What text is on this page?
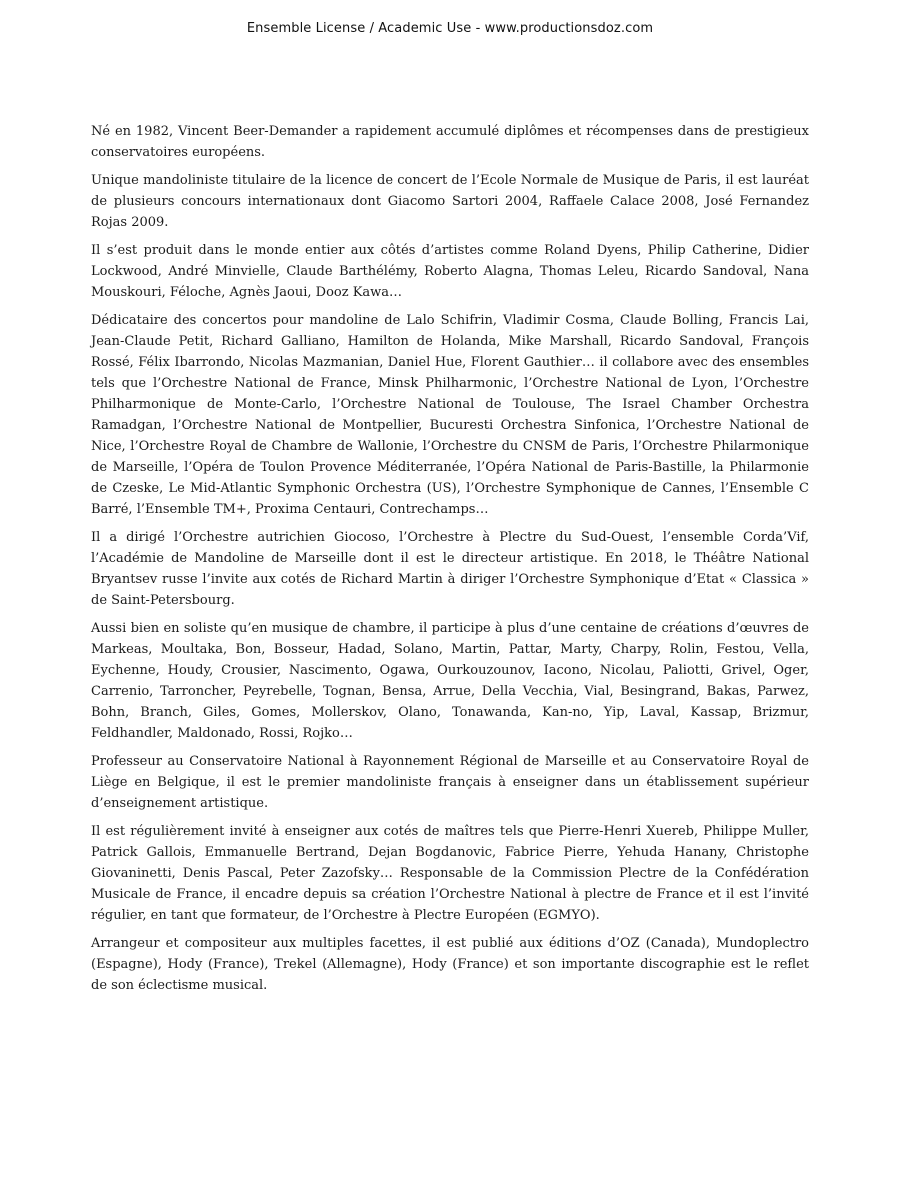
Ensemble License / Academic Use - www.productionsdoz.com

Né en 1982, Vincent Beer-Demander a rapidement accumulé diplômes et récompenses dans de prestigieux conservatoires européens.

Unique mandoliniste titulaire de la licence de concert de l’Ecole Normale de Musique de Paris, il est lauréat de plusieurs concours internationaux dont Giacomo Sartori 2004, Raffaele Calace 2008, José Fernandez Rojas 2009.

Il s’est produit dans le monde entier aux côtés d’artistes comme Roland Dyens, Philip Catherine, Didier Lockwood, André Minvielle, Claude Barthélémy, Roberto Alagna, Thomas Leleu, Ricardo Sandoval, Nana Mouskouri, Féloche, Agnès Jaoui, Dooz Kawa…

Dédicataire des concertos pour mandoline de Lalo Schifrin, Vladimir Cosma, Claude Bolling, Francis Lai, Jean-Claude Petit, Richard Galliano, Hamilton de Holanda, Mike Marshall, Ricardo Sandoval, François Rossé, Félix Ibarrondo, Nicolas Mazmanian, Daniel Hue, Florent Gauthier… il collabore avec des ensembles tels que l’Orchestre National de France, Minsk Philharmonic, l’Orchestre National de Lyon, l’Orchestre Philharmonique de Monte-Carlo, l’Orchestre National de Toulouse, The Israel Chamber Orchestra Ramadgan, l’Orchestre National de Montpellier, Bucuresti Orchestra Sinfonica, l’Orchestre National de Nice, l’Orchestre Royal de Chambre de Wallonie, l’Orchestre du CNSM de Paris, l’Orchestre Philarmonique de Marseille, l’Opéra de Toulon Provence Méditerranée, l’Opéra National de Paris-Bastille, la Philarmonie de Czeske, Le Mid-Atlantic Symphonic Orchestra (US), l’Orchestre Symphonique de Cannes, l’Ensemble C Barré, l’Ensemble TM+, Proxima Centauri, Contrechamps…

Il a dirigé l’Orchestre autrichien Giocoso, l’Orchestre à Plectre du Sud-Ouest, l’ensemble Corda’Vif, l’Académie de Mandoline de Marseille dont il est le directeur artistique. En 2018, le Théâtre National Bryantsev russe l’invite aux cotés de Richard Martin à diriger l’Orchestre Symphonique d’Etat « Classica » de Saint-Petersbourg.

Aussi bien en soliste qu’en musique de chambre, il participe à plus d’une centaine de créations d’œuvres de Markeas, Moultaka, Bon, Bosseur, Hadad, Solano, Martin, Pattar, Marty, Charpy, Rolin, Festou, Vella, Eychenne, Houdy, Crousier, Nascimento, Ogawa, Ourkouzounov, Iacono, Nicolau, Paliotti, Grivel, Oger, Carrenio, Tarroncher, Peyrebelle, Tognan, Bensa, Arrue, Della Vecchia, Vial, Besingrand, Bakas, Parwez, Bohn, Branch, Giles, Gomes, Mollerskov, Olano, Tonawanda, Kan-no, Yip, Laval, Kassap, Brizmur, Feldhandler, Maldonado, Rossi, Rojko…

Professeur au Conservatoire National à Rayonnement Régional de Marseille et au Conservatoire Royal de Liège en Belgique, il est le premier mandoliniste français à enseigner dans un établissement supérieur d’enseignement artistique.

Il est régulièrement invité à enseigner aux cotés de maîtres tels que Pierre-Henri Xuereb, Philippe Muller, Patrick Gallois, Emmanuelle Bertrand, Dejan Bogdanovic, Fabrice Pierre, Yehuda Hanany, Christophe Giovaninetti, Denis Pascal, Peter Zazofsky… Responsable de la Commission Plectre de la Confédération Musicale de France, il encadre depuis sa création l’Orchestre National à plectre de France et il est l’invité régulier, en tant que formateur, de l’Orchestre à Plectre Européen (EGMYO).

Arrangeur et compositeur aux multiples facettes, il est publié aux éditions d’OZ (Canada), Mundoplectro (Espagne), Hody (France), Trekel (Allemagne), Hody (France) et son importante discographie est le reflet de son éclectisme musical.
